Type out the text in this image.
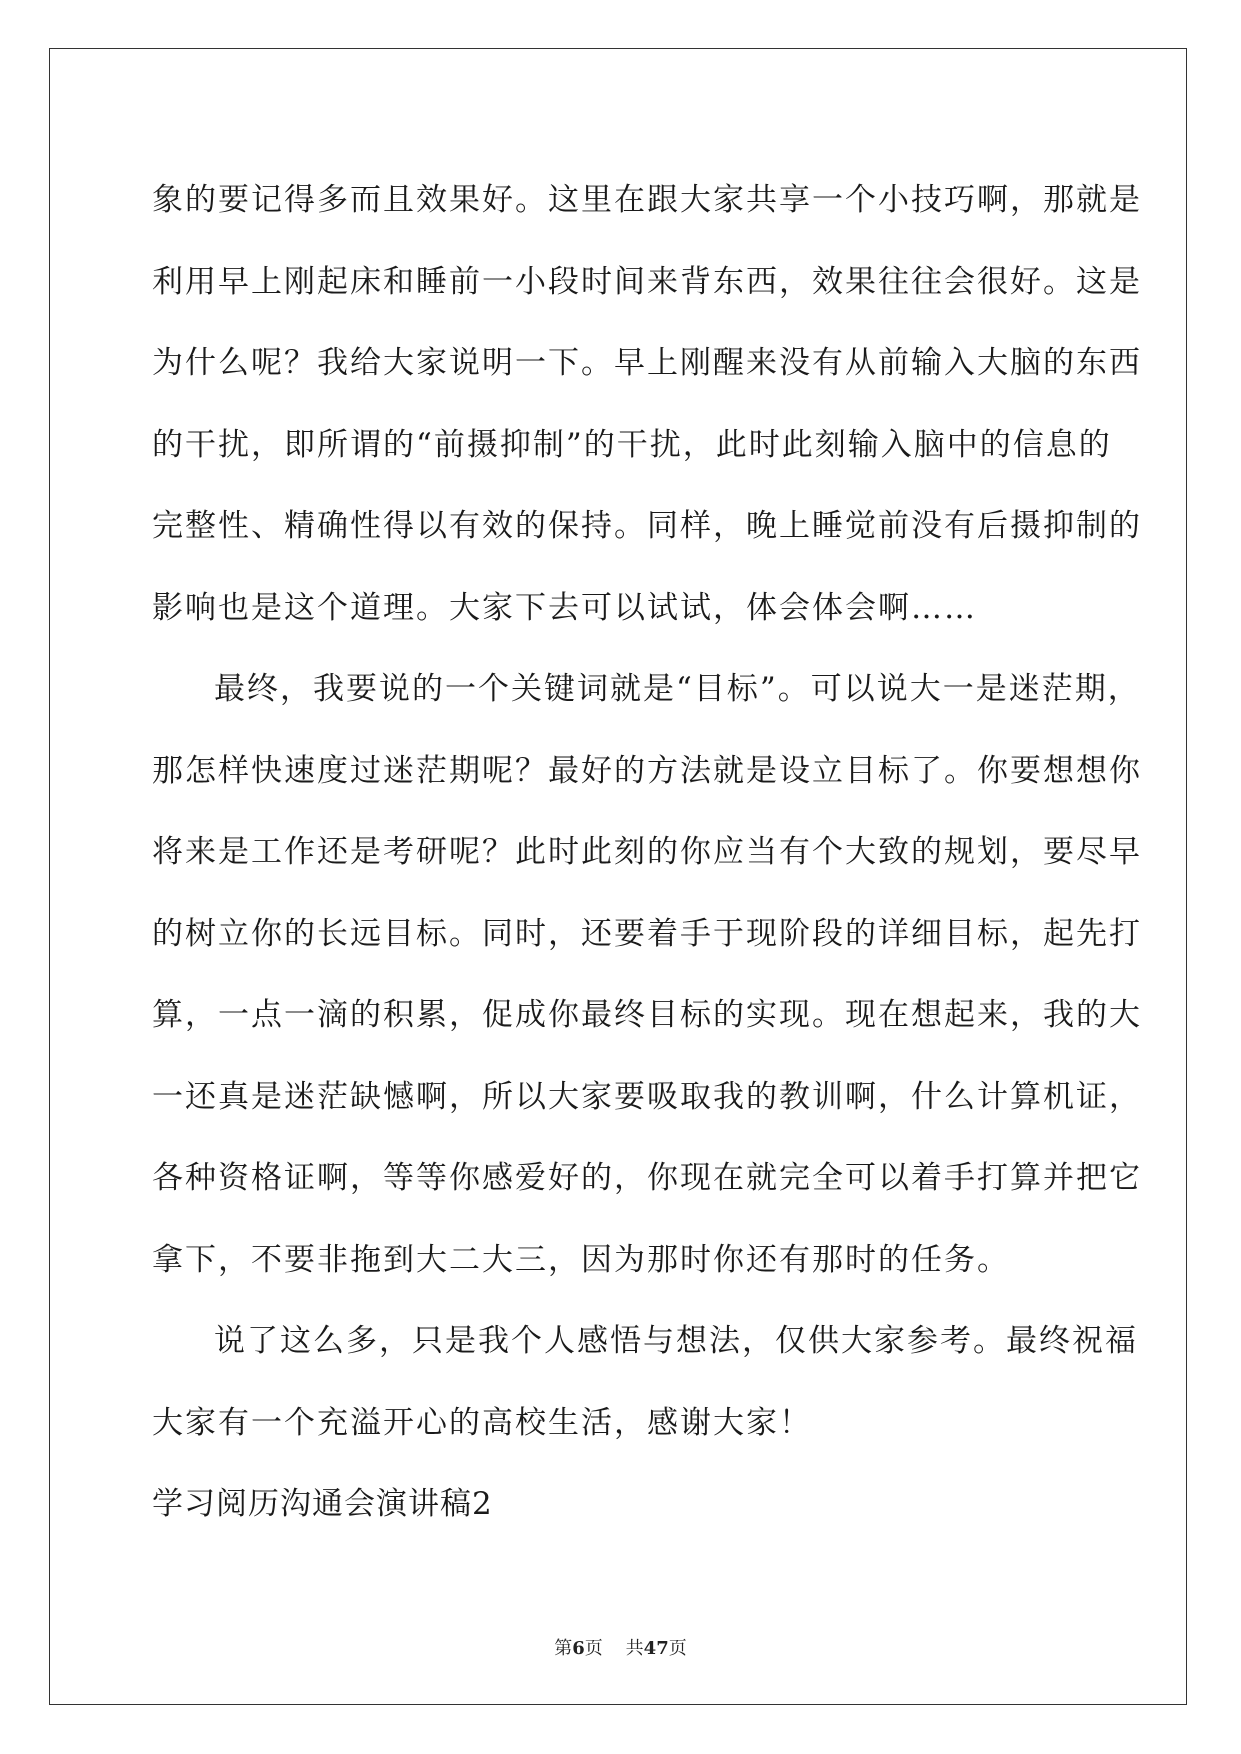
象的要记得多而且效果好。这里在跟大家共享一个小技巧啊，那就是
利用早上刚起床和睡前一小段时间来背东西，效果往往会很好。这是
为什么呢？我给大家说明一下。早上刚醒来没有从前输入大脑的东西
的干扰，即所谓的“前摄抑制”的干扰，此时此刻输入脑中的信息的
完整性、精确性得以有效的保持。同样，晚上睡觉前没有后摄抑制的
影响也是这个道理。大家下去可以试试，体会体会啊……
最终，我要说的一个关键词就是“目标”。可以说大一是迷茫期，
那怎样快速度过迷茫期呢？最好的方法就是设立目标了。你要想想你
将来是工作还是考研呢？此时此刻的你应当有个大致的规划，要尽早
的树立你的长远目标。同时，还要着手于现阶段的详细目标，起先打
算，一点一滴的积累，促成你最终目标的实现。现在想起来，我的大
一还真是迷茫缺憾啊，所以大家要吸取我的教训啊，什么计算机证，
各种资格证啊，等等你感爱好的，你现在就完全可以着手打算并把它
拿下，不要非拖到大二大三，因为那时你还有那时的任务。
说了这么多，只是我个人感悟与想法，仅供大家参考。最终祝福
大家有一个充溢开心的高校生活，感谢大家！
学习阅历沟通会演讲稿2
第6页    共47页
